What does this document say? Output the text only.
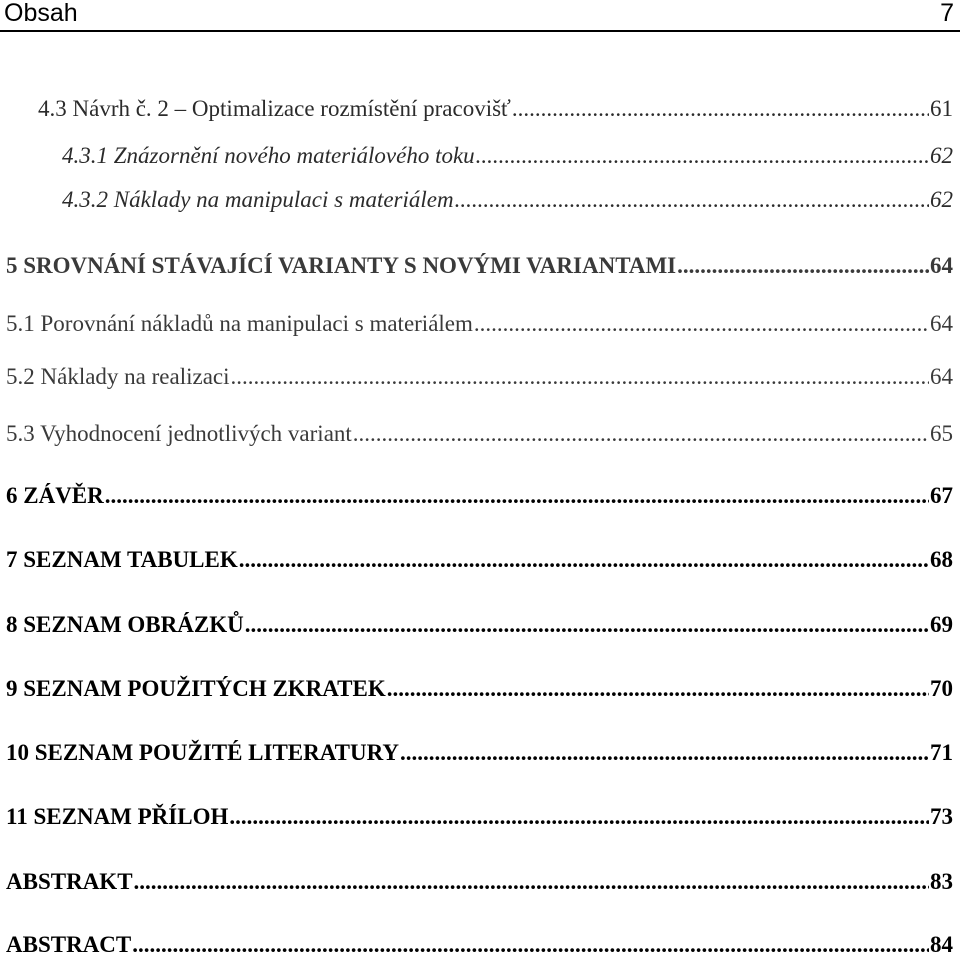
Obsah	7
4.3 Návrh č. 2 – Optimalizace rozmístění pracovišť .....	61
4.3.1 Znázornění nového materiálového toku .....	62
4.3.2 Náklady na manipulaci s materiálem .....	62
5 SROVNÁNÍ STÁVAJÍCÍ VARIANTY S NOVÝMI VARIANTAMI .....	64
5.1 Porovnání nákladů na manipulaci s materiálem .....	64
5.2 Náklady na realizaci .....	64
5.3 Vyhodnocení jednotlivých variant .....	65
6 ZÁVĚR .....	67
7 SEZNAM TABULEK .....	68
8 SEZNAM OBRÁZKŮ .....	69
9 SEZNAM POUŽITÝCH ZKRATEK .....	70
10 SEZNAM POUŽITÉ LITERATURY .....	71
11 SEZNAM PŘÍLOH .....	73
ABSTRAKT .....	83
ABSTRACT .....	84
